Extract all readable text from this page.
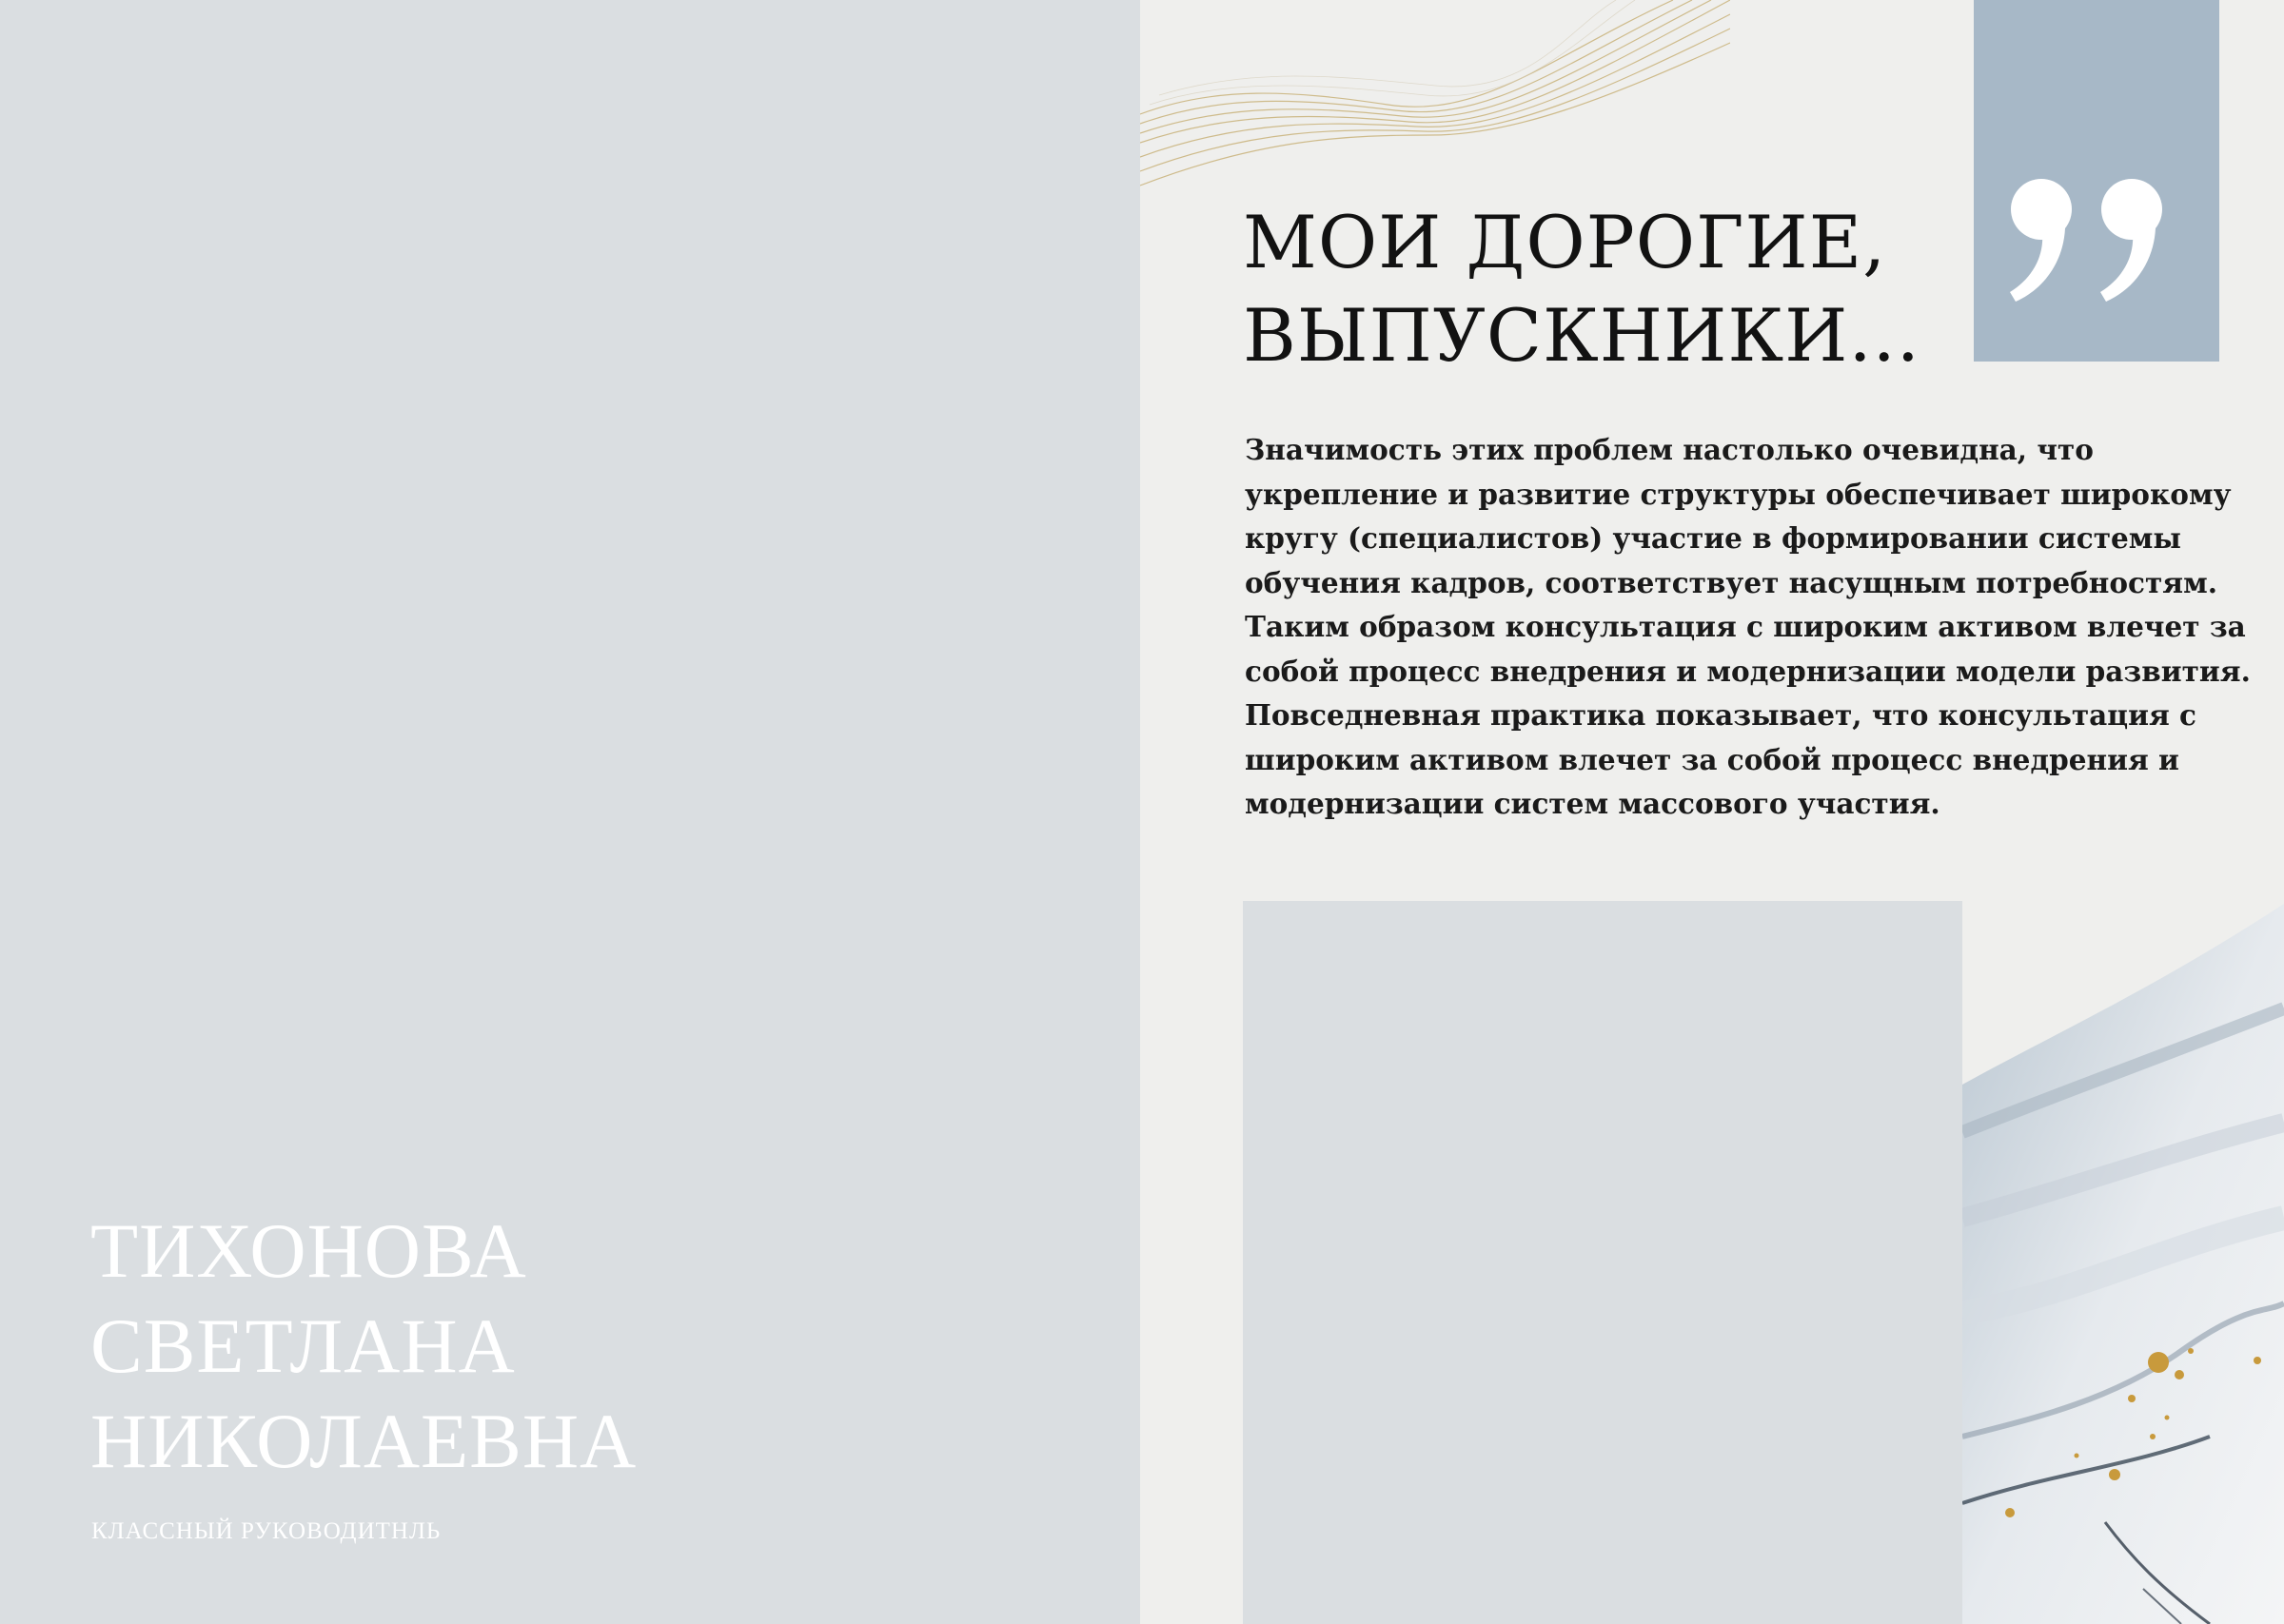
ТИХОНОВА
СВЕТЛАНА
НИКОЛАЕВНА
КЛАССНЫЙ РУКОВОДИТНЛЬ
МОИ ДОРОГИЕ,
ВЫПУСКНИКИ...
Значимость этих проблем настолько очевидна, что
укрепление и развитие структуры обеспечивает широкому
кругу (специалистов) участие в формировании системы
обучения кадров, соответствует насущным потребностям.
Таким образом консультация с широким активом влечет за
собой процесс внедрения и модернизации модели развития.
Повседневная практика показывает, что консультация с
широким активом влечет за собой процесс внедрения и
модернизации систем массового участия.
